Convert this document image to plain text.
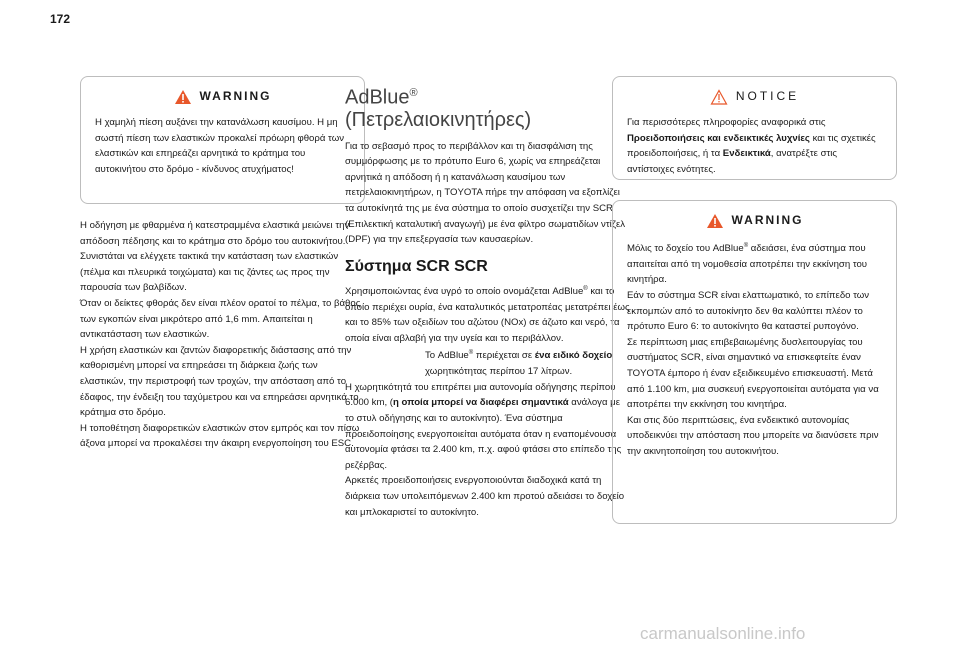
172
WARNING

Η χαμηλή πίεση αυξάνει την κατανάλωση καυσίμου. Η μη σωστή πίεση των ελαστικών προκαλεί πρόωρη φθορά των ελαστικών και επηρεάζει αρνητικά το κράτημα του αυτοκινήτου στο δρόμο - κίνδυνος ατυχήματος!

Η οδήγηση με φθαρμένα ή κατεστραμμένα ελαστικά μειώνει την απόδοση πέδησης και το κράτημα στο δρόμο του αυτοκινήτου. Συνιστάται να ελέγχετε τακτικά την κατάσταση των ελαστικών (πέλμα και πλευρικά τοιχώματα) και τις ζάντες ως προς την παρουσία των βαλβίδων.

Όταν οι δείκτες φθοράς δεν είναι πλέον ορατοί το πέλμα, το βάθος των εγκοπών είναι μικρότερο από 1,6 mm. Απαιτείται η αντικατάσταση των ελαστικών.

Η χρήση ελαστικών και ζαντών διαφορετικής διάστασης από την καθορισμένη μπορεί να επηρεάσει τη διάρκεια ζωής των ελαστικών, την περιστροφή των τροχών, την απόσταση από το έδαφος, την ένδειξη του ταχύμετρου και να επηρεάσει αρνητικά το κράτημα στο δρόμο.

Η τοποθέτηση διαφορετικών ελαστικών στον εμπρός και τον πίσω άξονα μπορεί να προκαλέσει την άκαιρη ενεργοποίηση του ESC.

AdBlue®
(Πετρελαιοκινητήρες)

Για το σεβασμό προς το περιβάλλον και τη διασφάλιση της συμμόρφωσης με το πρότυπο Euro 6, χωρίς να επηρεάζεται αρνητικά η απόδοση ή η κατανάλωση καυσίμου των πετρελαιοκινητήρων, η TOYOTA πήρε την απόφαση να εξοπλίζει τα αυτοκίνητά της με ένα σύστημα το οποίο συσχετίζει την SCR (Επιλεκτική καταλυτική αναγωγή) με ένα φίλτρο σωματιδίων ντίζελ (DPF) για την επεξεργασία των καυσαερίων.

Σύστημα SCR SCR

Χρησιμοποιώντας ένα υγρό το οποίο ονομάζεται AdBlue® και το οποίο περιέχει ουρία, ένα καταλυτικός μετατροπέας μετατρέπει έως και το 85% των οξειδίων του αζώτου (NOx) σε άζωτο και νερό, τα οποία είναι αβλαβή για την υγεία και το περιβάλλον.

Το AdBlue® περιέχεται σε ένα ειδικό δοχείο χωρητικότητας περίπου 17 λίτρων.

Η χωρητικότητά του επιτρέπει μια αυτονομία οδήγησης περίπου 6.000 km, (η οποία μπορεί να διαφέρει σημαντικά ανάλογα με το στυλ οδήγησης και το αυτοκίνητο). Ένα σύστημα προειδοποίησης ενεργοποιείται αυτόματα όταν η εναπομένουσα αυτονομία φτάσει τα 2.400 km, π.χ. αφού φτάσει στο επίπεδο της ρεζέρβας.

Αρκετές προειδοποιήσεις ενεργοποιούνται διαδοχικά κατά τη διάρκεια των υπολειπόμενων 2.400 km προτού αδειάσει το δοχείο και μπλοκαριστεί το αυτοκίνητο.

NOTICE

Για περισσότερες πληροφορίες αναφορικά στις Προειδοποιήσεις και ενδεικτικές λυχνίες και τις σχετικές προειδοποιήσεις, ή τα Ενδεικτικά, ανατρέξτε στις αντίστοιχες ενότητες.

WARNING

Μόλις το δοχείο του AdBlue® αδειάσει, ένα σύστημα που απαιτείται από τη νομοθεσία αποτρέπει την εκκίνηση του κινητήρα.

Εάν το σύστημα SCR είναι ελαττωματικό, το επίπεδο των εκπομπών από το αυτοκίνητο δεν θα καλύπτει πλέον το πρότυπο Euro 6: το αυτοκίνητο θα καταστεί ρυπογόνο.

Σε περίπτωση μιας επιβεβαιωμένης δυσλειτουργίας του συστήματος SCR, είναι σημαντικό να επισκεφτείτε έναν TOYOTA έμπορο ή έναν εξειδικευμένο επισκευαστή. Μετά από 1.100 km, μια συσκευή ενεργοποιείται αυτόματα για να αποτρέπει την εκκίνηση του κινητήρα.

Και στις δύο περιπτώσεις, ένα ενδεικτικό αυτονομίας υποδεικνύει την απόσταση που μπορείτε να διανύσετε πριν την ακινητοποίηση του αυτοκινήτου.

carmanualsonline.info
